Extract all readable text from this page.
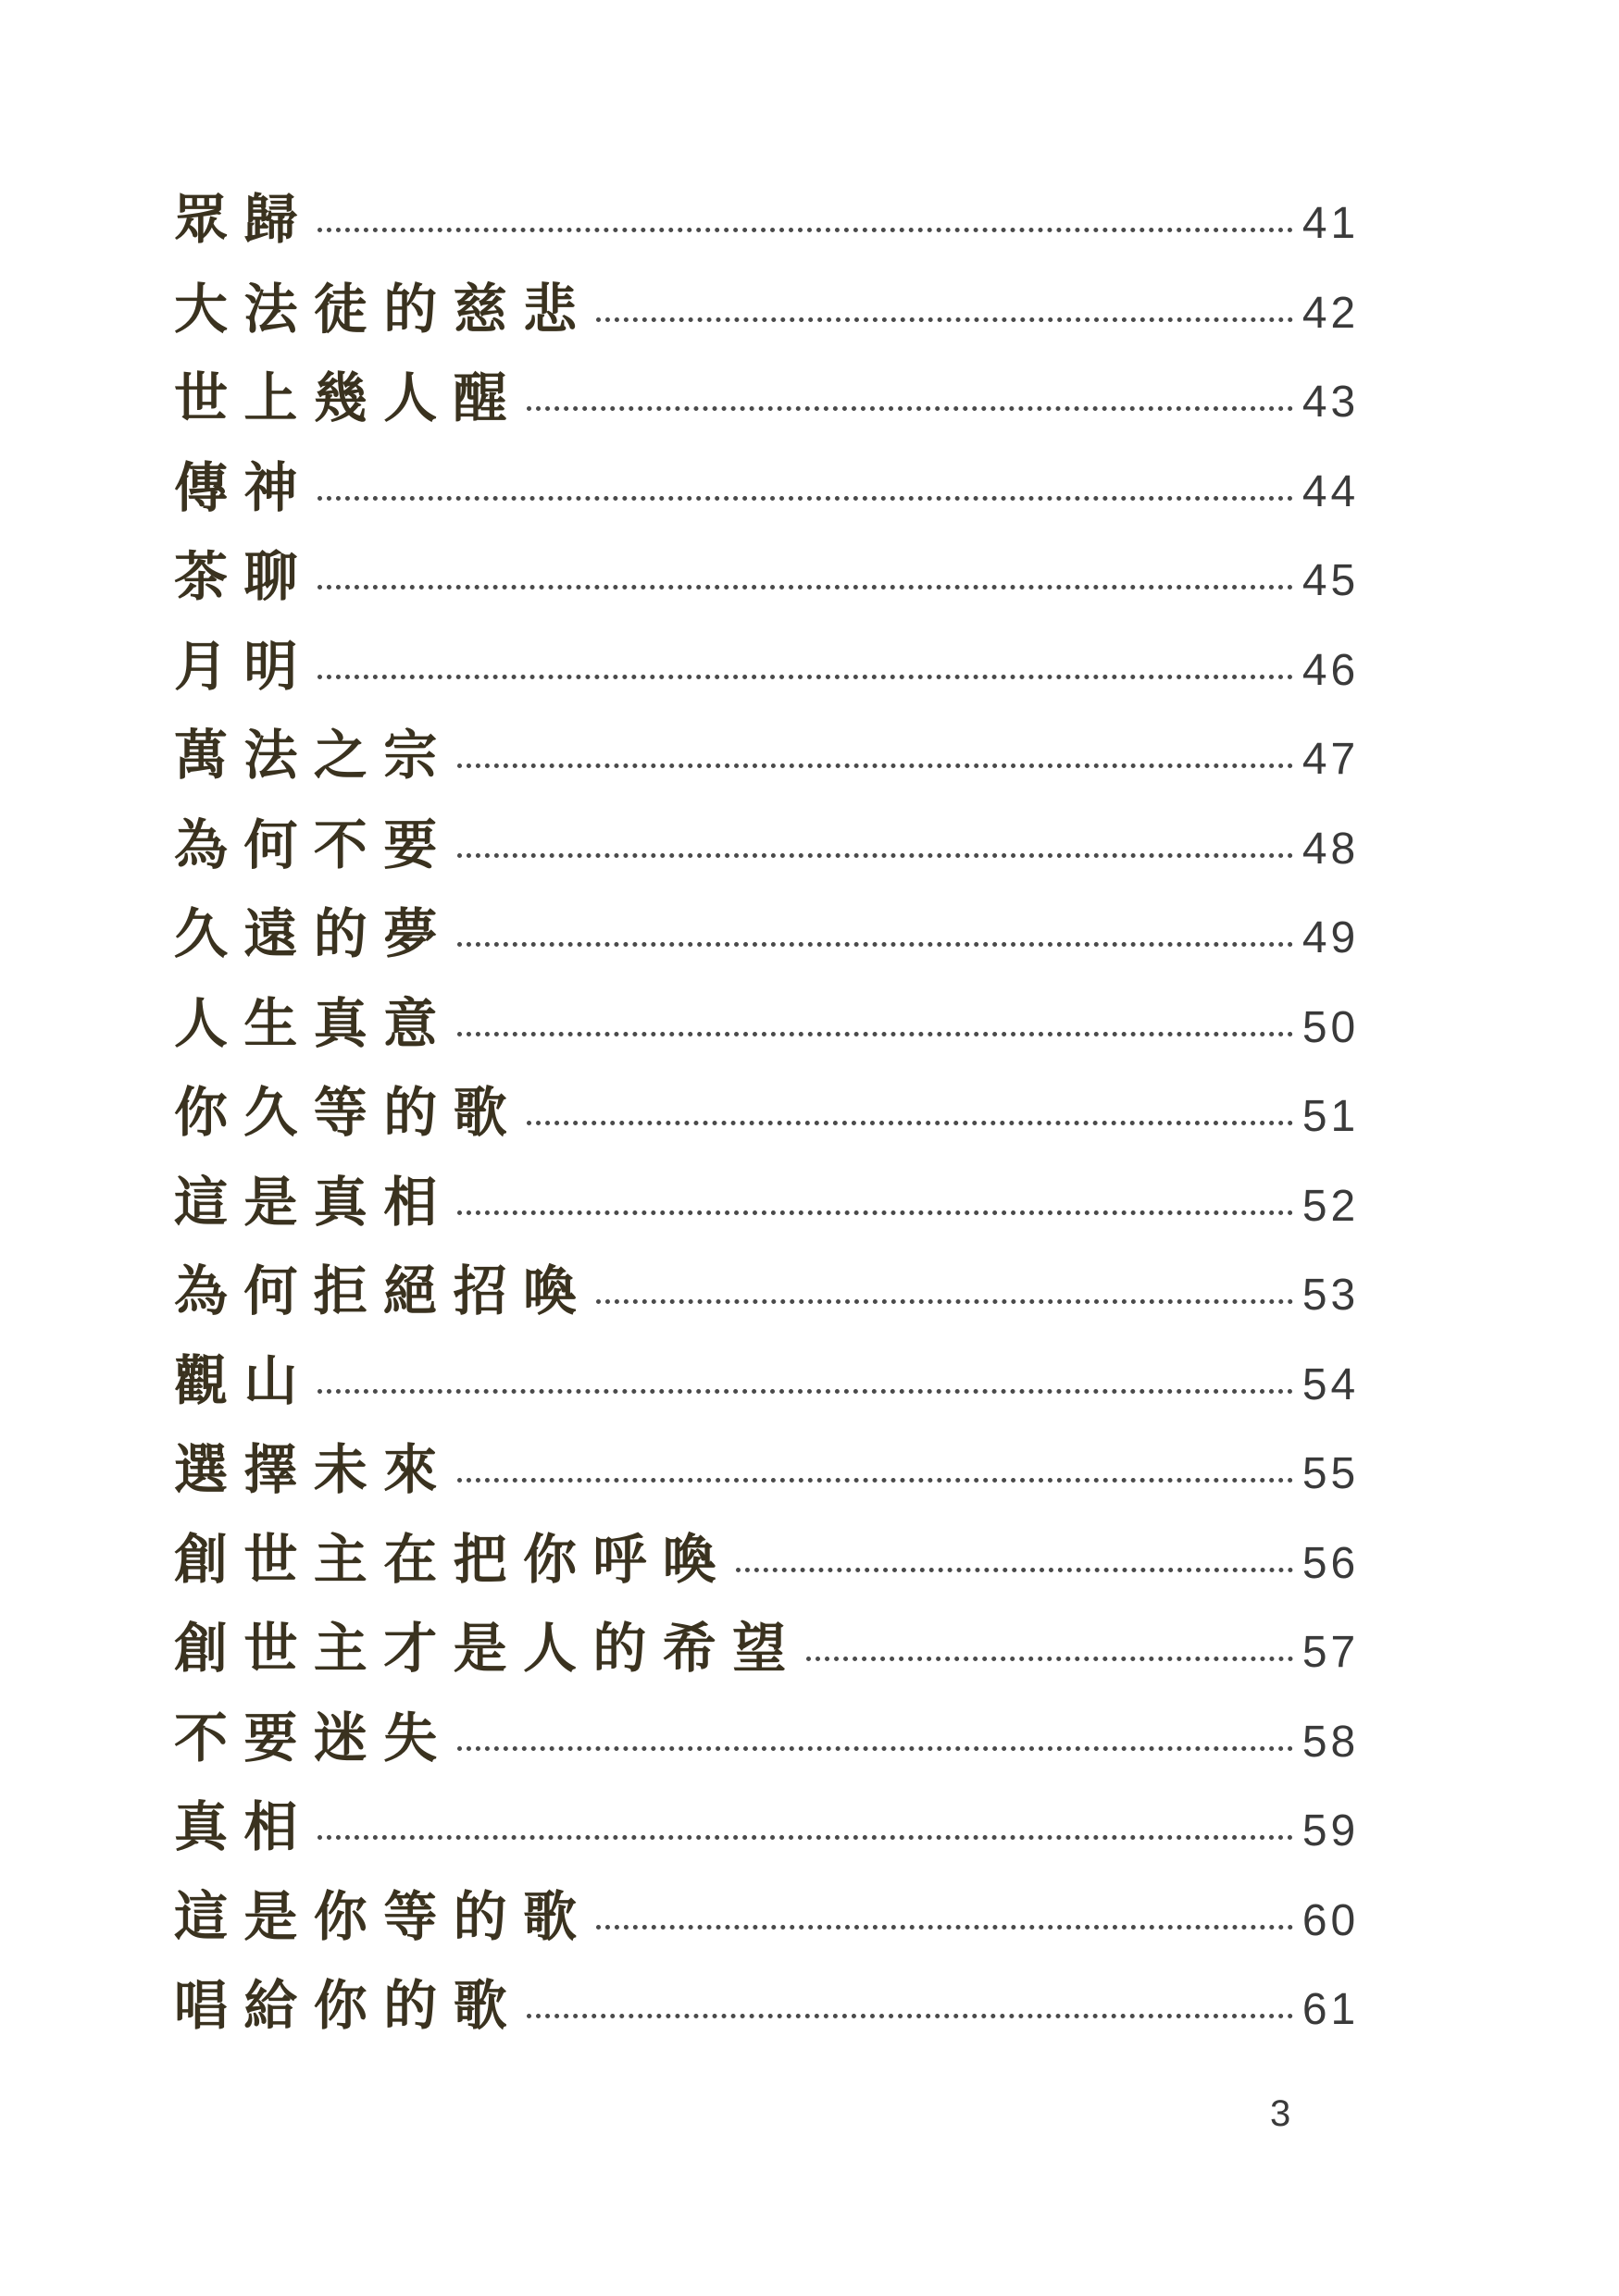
眾歸	41
大法徒的慈悲	42
世上幾人醒	43
傳神	44
茶聊	45
月明	46
萬法之宗	47
為何不要	48
久遠的夢	49
人生真意	50
你久等的歌	51
這是真相	52
為何拒絕招喚	53
觀山	54
選擇未來	55
創世主在把你呼喚	56
創世主才是人的希望	57
不要迷失	58
真相	59
這是你等的歌	60
唱給你的歌	61
3
